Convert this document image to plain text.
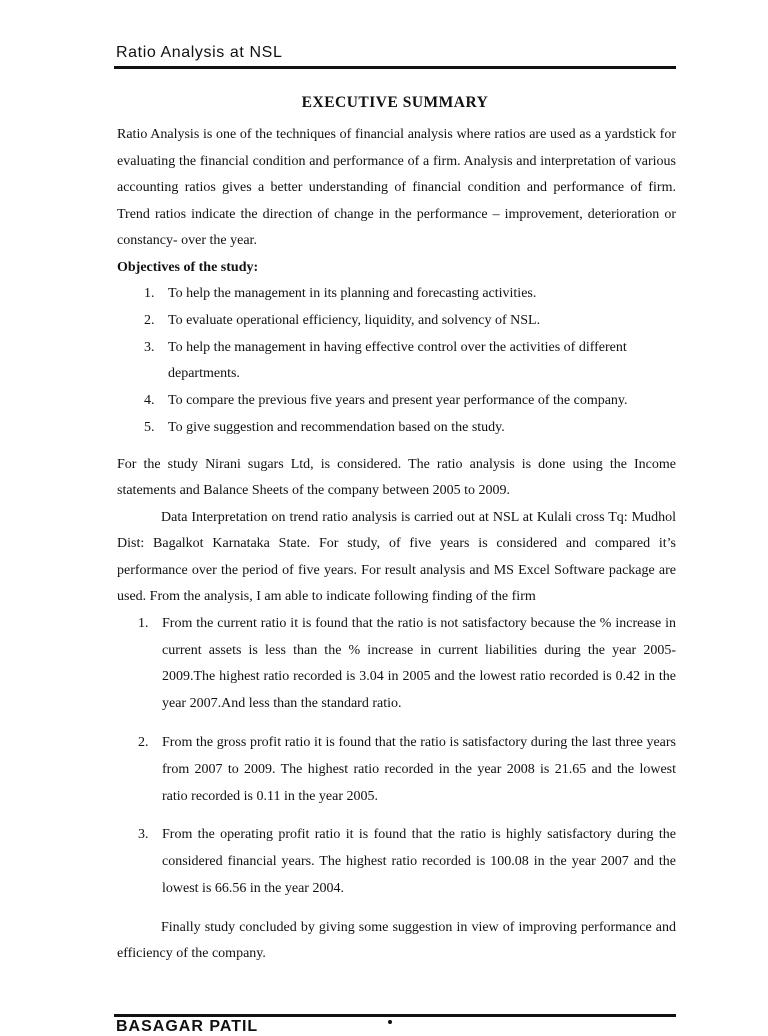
Ratio Analysis at NSL
EXECUTIVE SUMMARY

Ratio Analysis is one of the techniques of financial analysis where ratios are used as a yardstick for evaluating the financial condition and performance of a firm. Analysis and interpretation of various accounting ratios gives a better understanding of financial condition and performance of firm. Trend ratios indicate the direction of change in the performance – improvement, deterioration or constancy- over the year.

Objectives of the study:

1. To help the management in its planning and forecasting activities.
2. To evaluate operational efficiency, liquidity, and solvency of NSL.
3. To help the management in having effective control over the activities of different departments.
4. To compare the previous five years and present year performance of the company.
5. To give suggestion and recommendation based on the study.

For the study Nirani sugars Ltd, is considered. The ratio analysis is done using the Income statements and Balance Sheets of the company between 2005 to 2009.

Data Interpretation on trend ratio analysis is carried out at NSL at Kulali cross Tq: Mudhol Dist: Bagalkot Karnataka State. For study, of five years is considered and compared it’s performance over the period of five years. For result analysis and MS Excel Software package are used. From the analysis, I am able to indicate following finding of the firm

1. From the current ratio it is found that the ratio is not satisfactory because the % increase in current assets is less than the % increase in current liabilities during the year 2005-2009.The highest ratio recorded is 3.04 in 2005 and the lowest ratio recorded is 0.42 in the year 2007.And less than the standard ratio.
2. From the gross profit ratio it is found that the ratio is satisfactory during the last three years from 2007 to 2009. The highest ratio recorded in the year 2008 is 21.65 and the lowest ratio recorded is 0.11 in the year 2005.
3. From the operating profit ratio it is found that the ratio is highly satisfactory during the considered financial years. The highest ratio recorded is 100.08 in the year 2007 and the lowest is 66.56 in the year 2004.

Finally study concluded by giving some suggestion in view of improving performance and efficiency of the company.

BASAGAR PATIL
